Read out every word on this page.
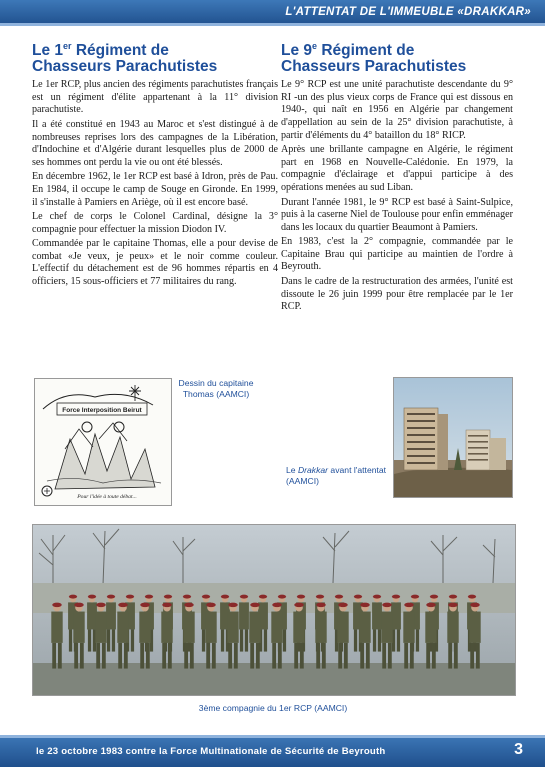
L'ATTENTAT DE L'IMMEUBLE «DRAKKAR»
Le 1er Régiment de
Chasseurs Parachutistes

Le 1er RCP, plus ancien des régiments parachutistes français est un régiment d'élite appartenant à la 11° division parachutiste.

Il a été constitué en 1943 au Maroc et s'est distingué à de nombreuses reprises lors des campagnes de la Libération, d'Indochine et d'Algérie durant lesquelles plus de 2000 de ses hommes ont perdu la vie ou ont été blessés.

En décembre 1962, le 1er RCP est basé à Idron, près de Pau. En 1984, il occupe le camp de Souge en Gironde. En 1999, il s'installe à Pamiers en Ariège, où il est encore basé.

Le chef de corps le Colonel Cardinal, désigne la 3° compagnie pour effectuer la mission Diodon IV.

Commandée par le capitaine Thomas, elle a pour devise de combat «Je veux, je peux» et le noir comme couleur. L'effectif du détachement est de 96 hommes répartis en 4 officiers, 15 sous-officiers et 77 militaires du rang.

Le 9e Régiment de
Chasseurs Parachutistes

Le 9° RCP est une unité parachutiste descendante du 9° RI -un des plus vieux corps de France qui est dissous en 1940-, qui naît en 1956 en Algérie par changement d'appellation au sein de la 25° division parachutiste, à partir d'éléments du 4° bataillon du 18° RICP.

Après une brillante campagne en Algérie, le régiment part en 1968 en Nouvelle-Calédonie. En 1979, la compagnie d'éclairage et d'appui participe à des opérations menées au sud Liban.

Durant l'année 1981, le 9° RCP est basé à Saint-Sulpice, puis à la caserne Niel de Toulouse pour enfin emménager dans les locaux du quartier Beaumont à Pamiers.

En 1983, c'est la 2° compagnie, commandée par le Capitaine Brau qui participe au maintien de l'ordre à Beyrouth.

Dans le cadre de la restructuration des armées, l'unité est dissoute le 26 juin 1999 pour être remplacée par le 1er RCP.

Force Interposition Beirut
Pour l'idée à toute débat...
Dessin du capitaine Thomas (AAMCI)
Le Drakkar avant l'attentat (AAMCI)
3ème compagnie du 1er RCP (AAMCI)
le 23 octobre 1983 contre la Force Multinationale de Sécurité de Beyrouth	3
